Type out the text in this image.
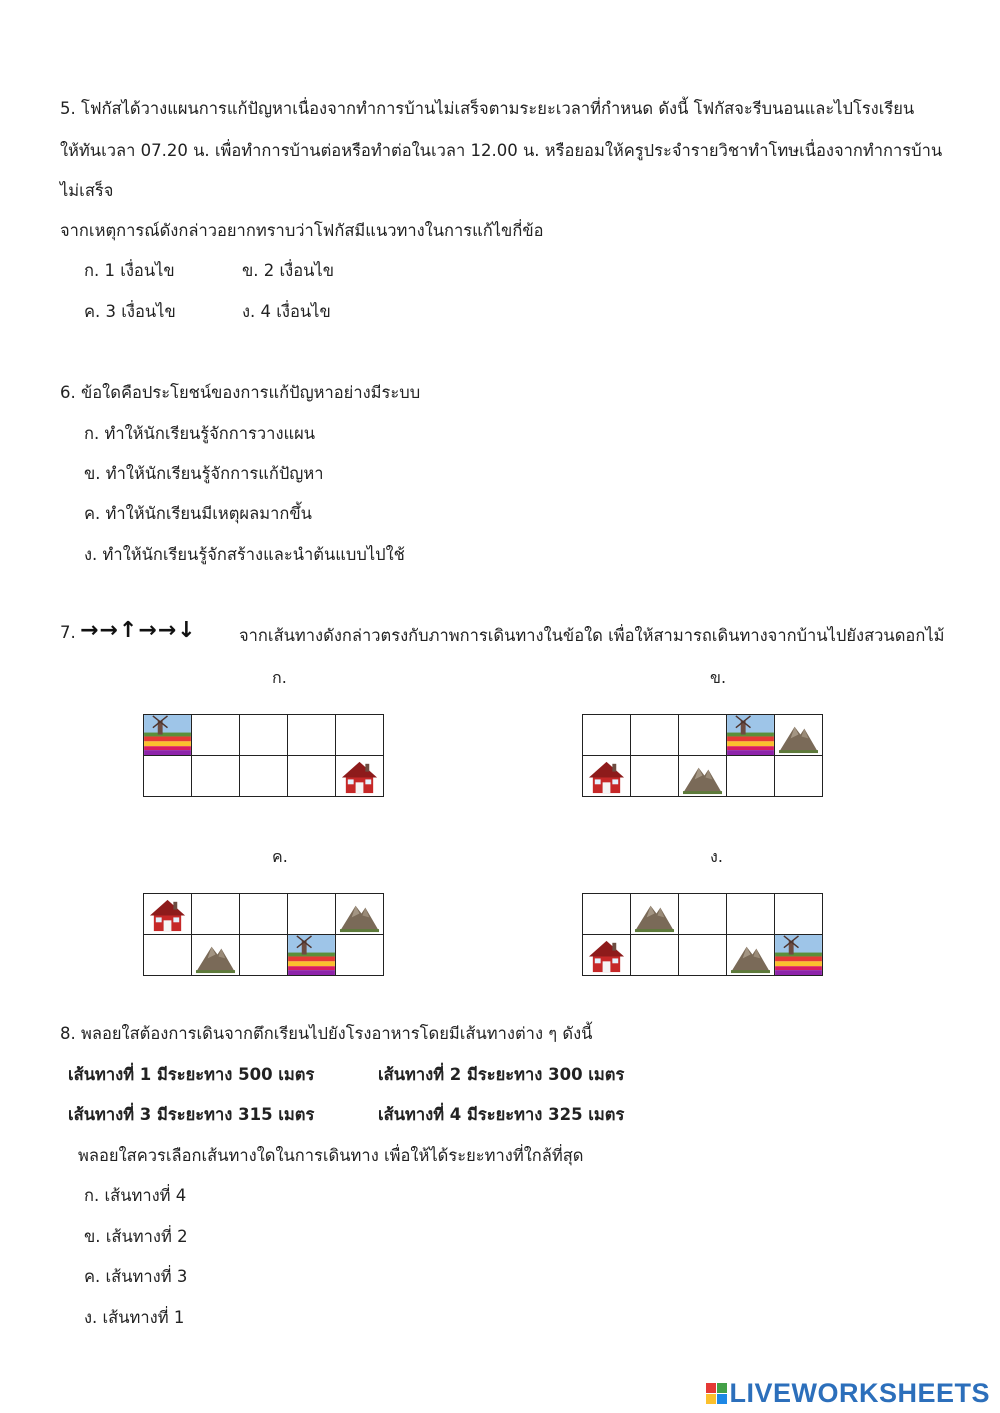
5. โฟกัสได้วางแผนการแก้ปัญหาเนื่องจากทำการบ้านไม่เสร็จตามระยะเวลาที่กำหนด ดังนี้ โฟกัสจะรีบนอนและไปโรงเรียน
ให้ทันเวลา 07.20 น. เพื่อทำการบ้านต่อหรือทำต่อในเวลา 12.00 น. หรือยอมให้ครูประจำรายวิชาทำโทษเนื่องจากทำการบ้าน
ไม่เสร็จ
จากเหตุการณ์ดังกล่าวอยากทราบว่าโฟกัสมีแนวทางในการแก้ไขกี่ข้อ
ก. 1 เงื่อนไข	ข. 2 เงื่อนไข
ค. 3 เงื่อนไข	ง. 4 เงื่อนไข
6. ข้อใดคือประโยชน์ของการแก้ปัญหาอย่างมีระบบ
ก. ทำให้นักเรียนรู้จักการวางแผน
ข. ทำให้นักเรียนรู้จักการแก้ปัญหา
ค. ทำให้นักเรียนมีเหตุผลมากขึ้น
ง. ทำให้นักเรียนรู้จักสร้างและนำต้นแบบไปใช้
7. →→↑→→↓	จากเส้นทางดังกล่าวตรงกับภาพการเดินทางในข้อใด เพื่อให้สามารถเดินทางจากบ้านไปยังสวนดอกไม้
ก.	ข.
ค.	ง.
8. พลอยใสต้องการเดินจากตึกเรียนไปยังโรงอาหารโดยมีเส้นทางต่าง ๆ ดังนี้
เส้นทางที่ 1 มีระยะทาง 500 เมตร	เส้นทางที่ 2 มีระยะทาง 300 เมตร
เส้นทางที่ 3 มีระยะทาง 315 เมตร	เส้นทางที่ 4 มีระยะทาง 325 เมตร
พลอยใสควรเลือกเส้นทางใดในการเดินทาง เพื่อให้ได้ระยะทางที่ใกล้ที่สุด
ก. เส้นทางที่ 4
ข. เส้นทางที่ 2
ค. เส้นทางที่ 3
ง. เส้นทางที่ 1
LIVEWORKSHEETS
